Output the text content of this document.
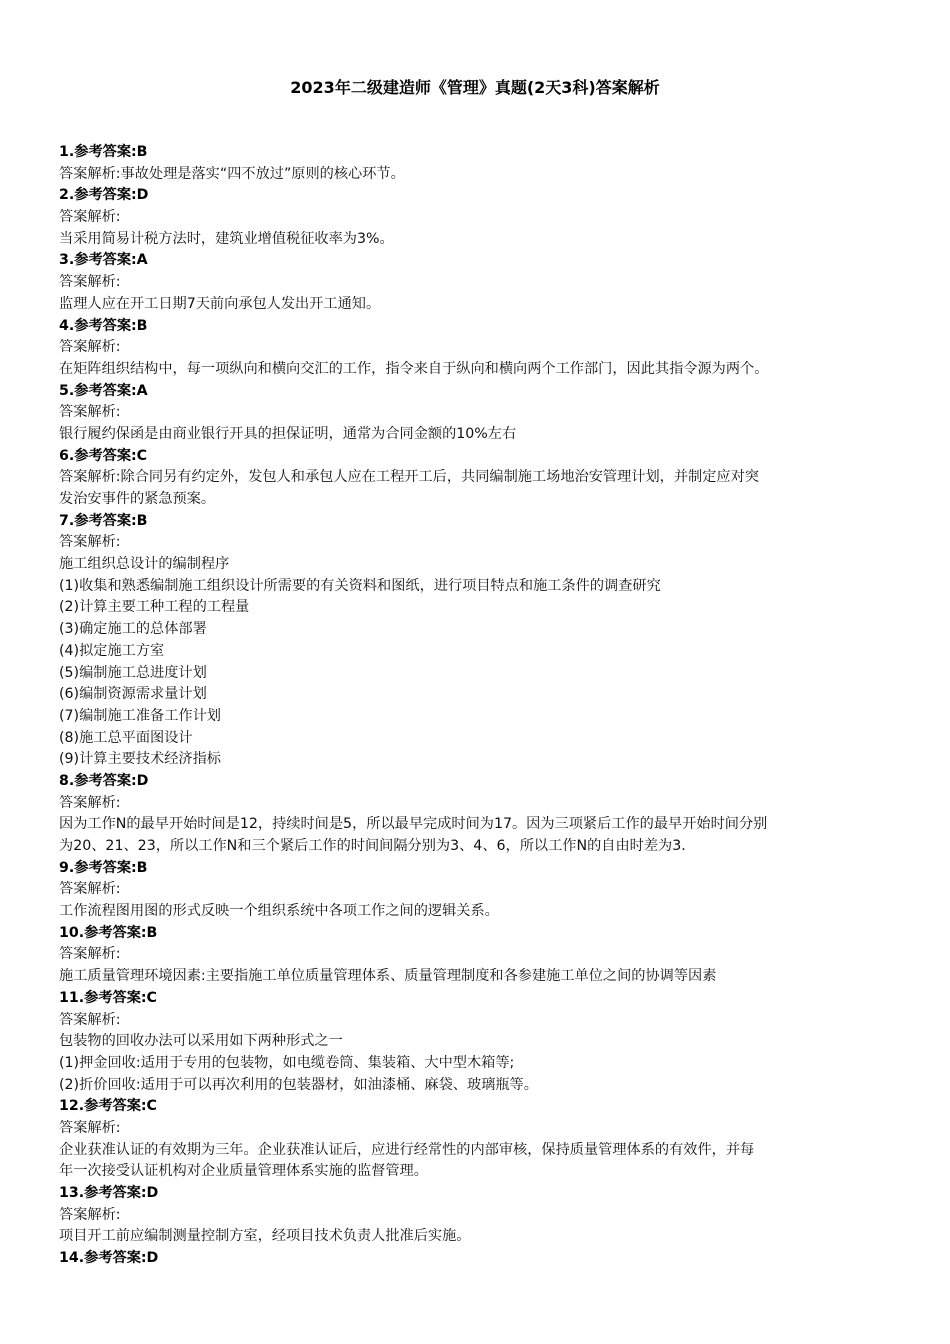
2023年二级建造师《管理》真题(2天3科)答案解析
1.参考答案:B
答案解析:事故处理是落实“四不放过”原则的核心环节。
2.参考答案:D
答案解析:
当采用简易计税方法时，建筑业增值税征收率为3%。
3.参考答案:A
答案解析:
监理人应在开工日期7天前向承包人发出开工通知。
4.参考答案:B
答案解析:
在矩阵组织结构中，每一项纵向和横向交汇的工作，指令来自于纵向和横向两个工作部门，因此其指令源为两个。
5.参考答案:A
答案解析:
银行履约保函是由商业银行开具的担保证明，通常为合同金额的10%左右
6.参考答案:C
答案解析:除合同另有约定外，发包人和承包人应在工程开工后，共同编制施工场地治安管理计划，并制定应对突
发治安事件的紧急预案。
7.参考答案:B
答案解析:
施工组织总设计的编制程序
(1)收集和熟悉编制施工组织设计所需要的有关资料和图纸，进行项目特点和施工条件的调查研究
(2)计算主要工种工程的工程量
(3)确定施工的总体部署
(4)拟定施工方室
(5)编制施工总进度计划
(6)编制资源需求量计划
(7)编制施工准备工作计划
(8)施工总平面图设计
(9)计算主要技术经济指标
8.参考答案:D
答案解析:
因为工作N的最早开始时间是12，持续时间是5，所以最早完成时间为17。因为三项紧后工作的最早开始时间分别
为20、21、23，所以工作N和三个紧后工作的时间间隔分别为3、4、6，所以工作N的自由时差为3.
9.参考答案:B
答案解析:
工作流程图用图的形式反映一个组织系统中各项工作之间的逻辑关系。
10.参考答案:B
答案解析:
施工质量管理环境因素:主要指施工单位质量管理体系、质量管理制度和各参建施工单位之间的协调等因素
11.参考答案:C
答案解析:
包装物的回收办法可以采用如下两种形式之一
(1)押金回收:适用于专用的包装物，如电缆卷筒、集装箱、大中型木箱等;
(2)折价回收:适用于可以再次利用的包装器材，如油漆桶、麻袋、玻璃瓶等。
12.参考答案:C
答案解析:
企业获准认证的有效期为三年。企业获准认证后，应进行经常性的内部审核，保持质量管理体系的有效件，并每
年一次接受认证机构对企业质量管理体系实施的监督管理。
13.参考答案:D
答案解析:
项目开工前应编制测量控制方室，经项目技术负责人批准后实施。
14.参考答案:D
